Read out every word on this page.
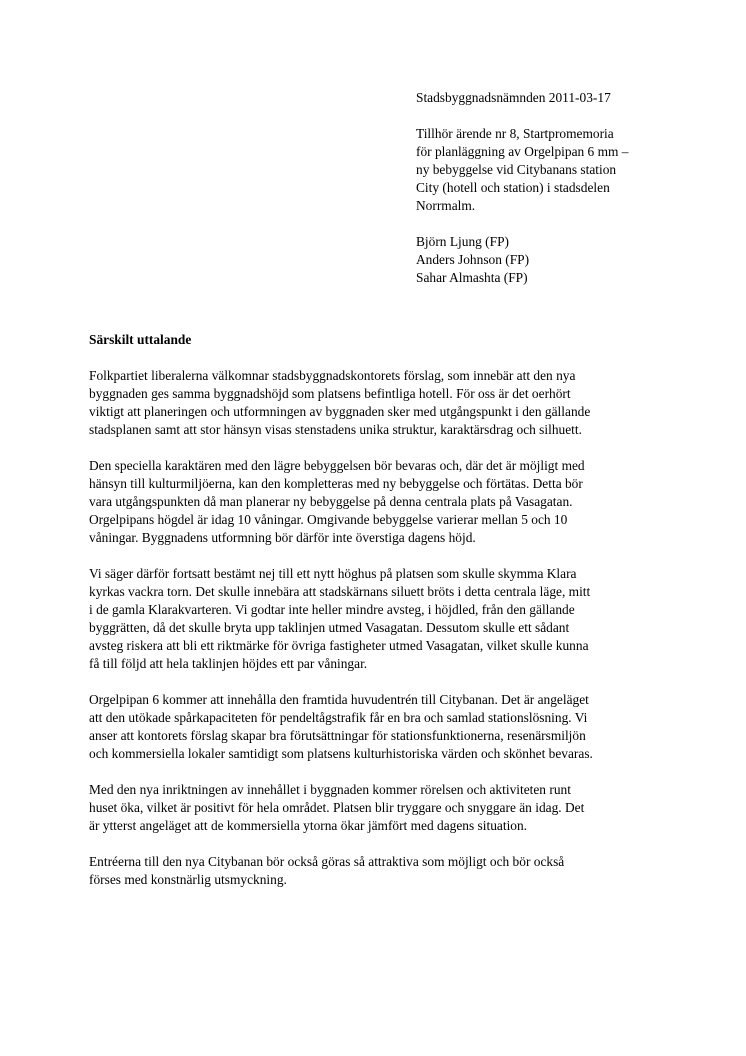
Stadsbyggnadsnämnden 2011-03-17
Tillhör ärende nr 8, Startpromemoria
för planläggning av Orgelpipan 6 mm –
ny bebyggelse vid Citybanans station
City (hotell och station) i stadsdelen
Norrmalm.
Björn Ljung (FP)
Anders Johnson (FP)
Sahar Almashta (FP)
Särskilt uttalande
Folkpartiet liberalerna välkomnar stadsbyggnadskontorets förslag, som innebär att den nya
byggnaden ges samma byggnadshöjd som platsens befintliga hotell. För oss är det oerhört
viktigt att planeringen och utformningen av byggnaden sker med utgångspunkt i den gällande
stadsplanen samt att stor hänsyn visas stenstadens unika struktur, karaktärsdrag och silhuett.
Den speciella karaktären med den lägre bebyggelsen bör bevaras och, där det är möjligt med
hänsyn till kulturmiljöerna, kan den kompletteras med ny bebyggelse och förtätas. Detta bör
vara utgångspunkten då man planerar ny bebyggelse på denna centrala plats på Vasagatan.
Orgelpipans högdel är idag 10 våningar. Omgivande bebyggelse varierar mellan 5 och 10
våningar. Byggnadens utformning bör därför inte överstiga dagens höjd.
Vi säger därför fortsatt bestämt nej till ett nytt höghus på platsen som skulle skymma Klara
kyrkas vackra torn. Det skulle innebära att stadskärnans siluett bröts i detta centrala läge, mitt
i de gamla Klarakvarteren. Vi godtar inte heller mindre avsteg, i höjdled, från den gällande
byggrätten, då det skulle bryta upp taklinjen utmed Vasagatan. Dessutom skulle ett sådant
avsteg riskera att bli ett riktmärke för övriga fastigheter utmed Vasagatan, vilket skulle kunna
få till följd att hela taklinjen höjdes ett par våningar.
Orgelpipan 6 kommer att innehålla den framtida huvudentrén till Citybanan. Det är angeläget
att den utökade spårkapaciteten för pendeltågstrafik får en bra och samlad stationslösning. Vi
anser att kontorets förslag skapar bra förutsättningar för stationsfunktionerna, resenärsmiljön
och kommersiella lokaler samtidigt som platsens kulturhistoriska värden och skönhet bevaras.
Med den nya inriktningen av innehållet i byggnaden kommer rörelsen och aktiviteten runt
huset öka, vilket är positivt för hela området. Platsen blir tryggare och snyggare än idag. Det
är ytterst angeläget att de kommersiella ytorna ökar jämfört med dagens situation.
Entréerna till den nya Citybanan bör också göras så attraktiva som möjligt och bör också
förses med konstnärlig utsmyckning.
